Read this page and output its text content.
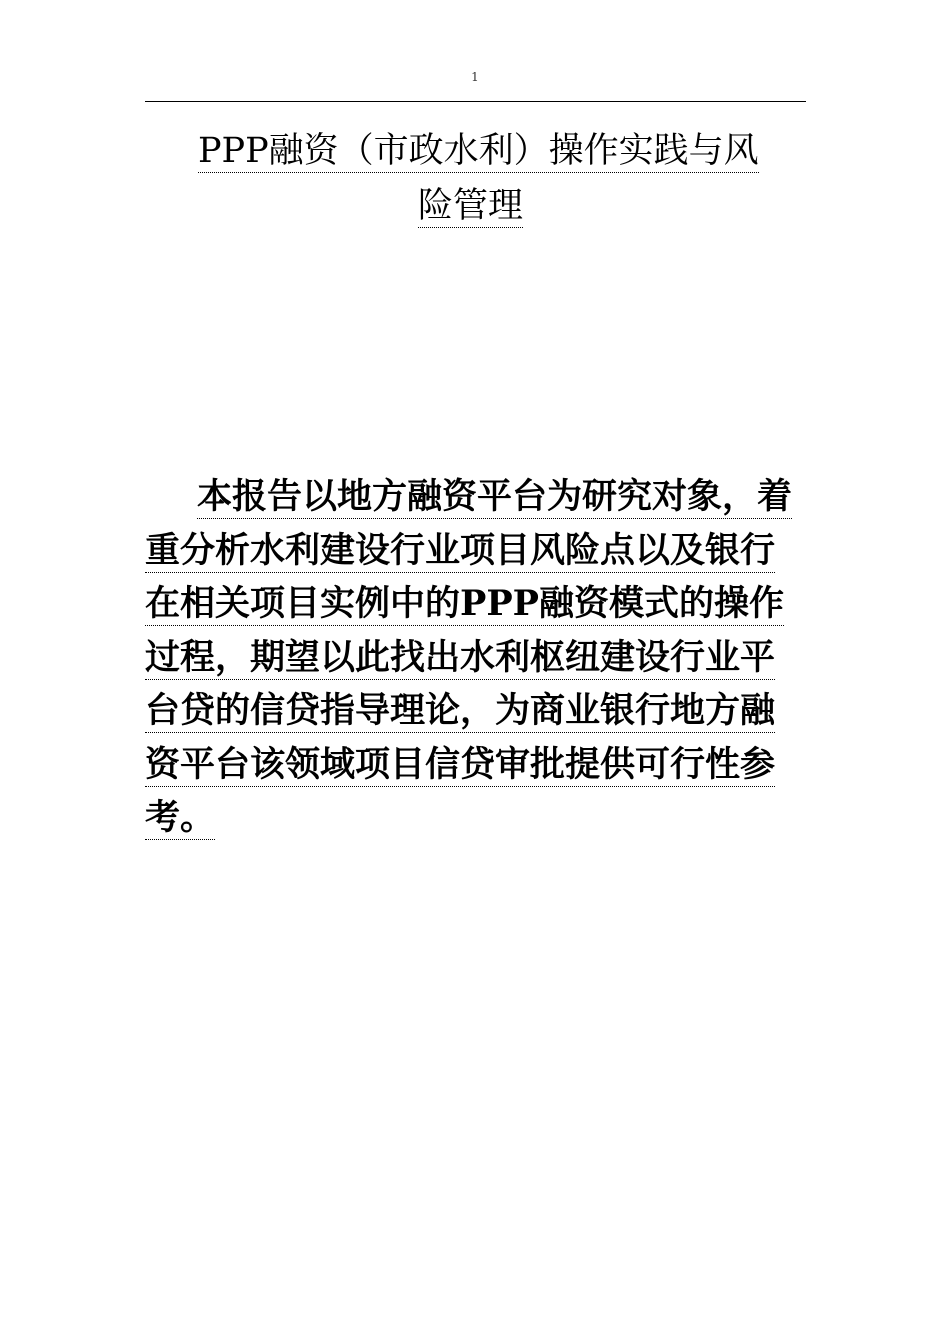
1
PPP融资（市政水利）操作实践与风
险管理

本报告以地方融资平台为研究对象，着
重分析水利建设行业项目风险点以及银行
在相关项目实例中的PPP融资模式的操作
过程，期望以此找出水利枢纽建设行业平
台贷的信贷指导理论，为商业银行地方融
资平台该领域项目信贷审批提供可行性参
考。
